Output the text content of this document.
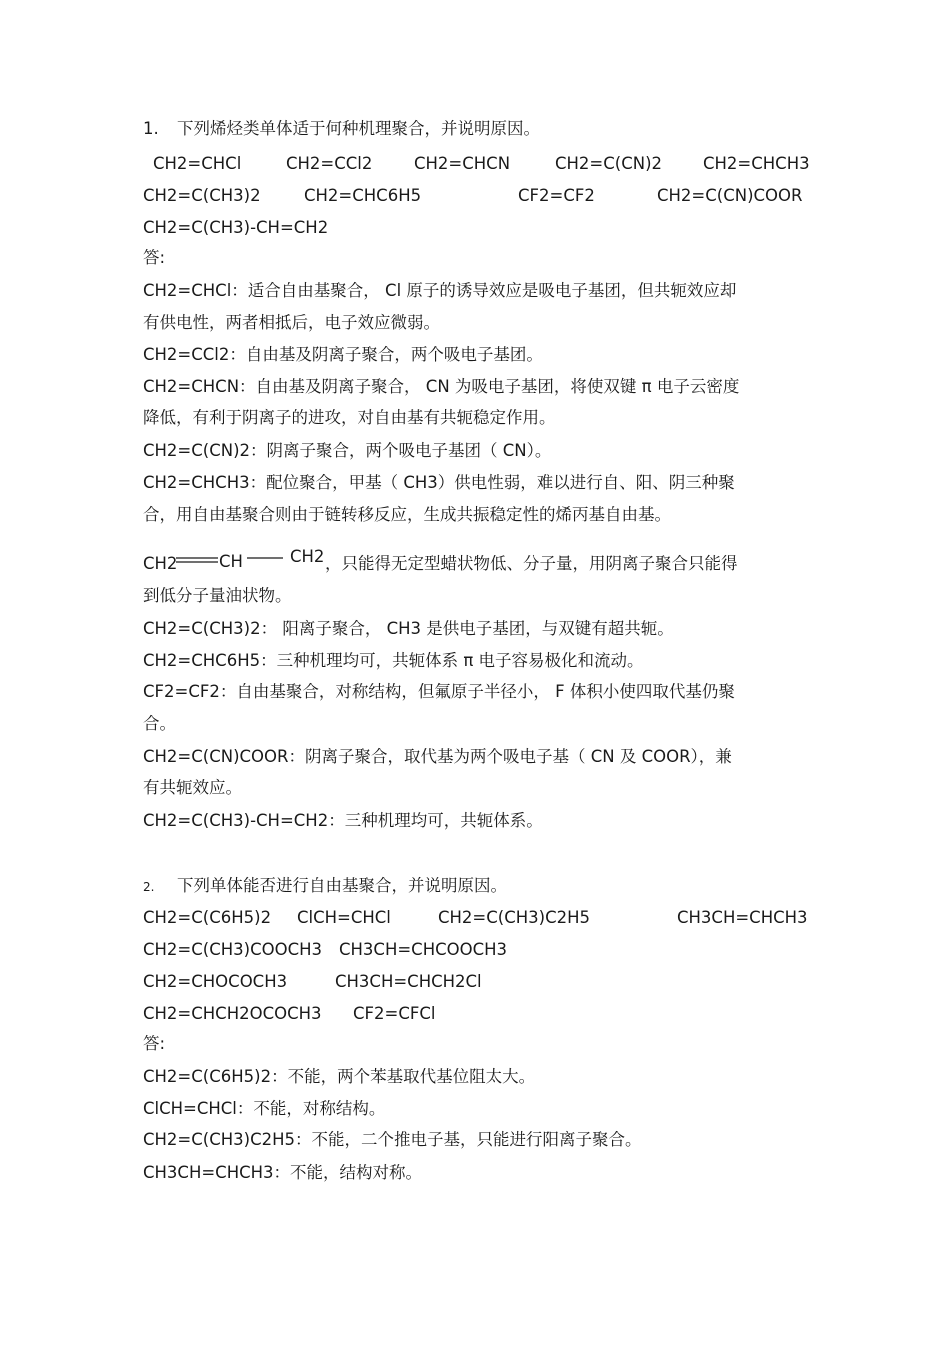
1. 下列烯烃类单体适于何种机理聚合，并说明原因。
CH2=CHCl	CH2=CCl2	CH2=CHCN	CH2=C(CN)2 CH2=CHCH3
CH2=C(CH3)2	CH2=CHC6H5	CF2=CF2	CH2=C(CN)COOR
CH2=C(CH3)-CH=CH2
答:
CH2=CHCl：适合自由基聚合， Cl 原子的诱导效应是吸电子基团，但共轭效应却
有供电性，两者相抵后，电子效应微弱。
CH2=CCl2：自由基及阴离子聚合，两个吸电子基团。
CH2=CHCN：自由基及阴离子聚合， CN 为吸电子基团，将使双键 π 电子云密度
降低，有利于阴离子的进攻，对自由基有共轭稳定作用。
CH2=C(CN)2：阴离子聚合，两个吸电子基团（ CN）。
CH2=CHCH3：配位聚合，甲基（ CH3）供电性弱，难以进行自、阳、阴三种聚
合，用自由基聚合则由于链转移反应，生成共振稳定性的烯丙基自由基。
CH2	CH	CH2 ，只能得无定型蜡状物低、分子量，用阴离子聚合只能得
到低分子量油状物。
CH2=C(CH3)2： 阳离子聚合， CH3 是供电子基团，与双键有超共轭。
CH2=CHC6H5：三种机理均可，共轭体系 π 电子容易极化和流动。
CF2=CF2：自由基聚合，对称结构，但氟原子半径小， F 体积小使四取代基仍聚
合。
CH2=C(CN)COOR：阴离子聚合，取代基为两个吸电子基（ CN 及 COOR），兼
有共轭效应。
CH2=C(CH3)-CH=CH2：三种机理均可，共轭体系。
2. 下列单体能否进行自由基聚合，并说明原因。
CH2=C(C6H5)2 ClCH=CHCl	CH2=C(CH3)C2H5	CH3CH=CHCH3
CH2=C(CH3)COOCH3 CH3CH=CHCOOCH3
CH2=CHOCOCH3	CH3CH=CHCH2Cl
CH2=CHCH2OCOCH3 CF2=CFCl
答:
CH2=C(C6H5)2：不能，两个苯基取代基位阻太大。
ClCH=CHCl：不能，对称结构。
CH2=C(CH3)C2H5：不能，二个推电子基，只能进行阳离子聚合。
CH3CH=CHCH3：不能，结构对称。
